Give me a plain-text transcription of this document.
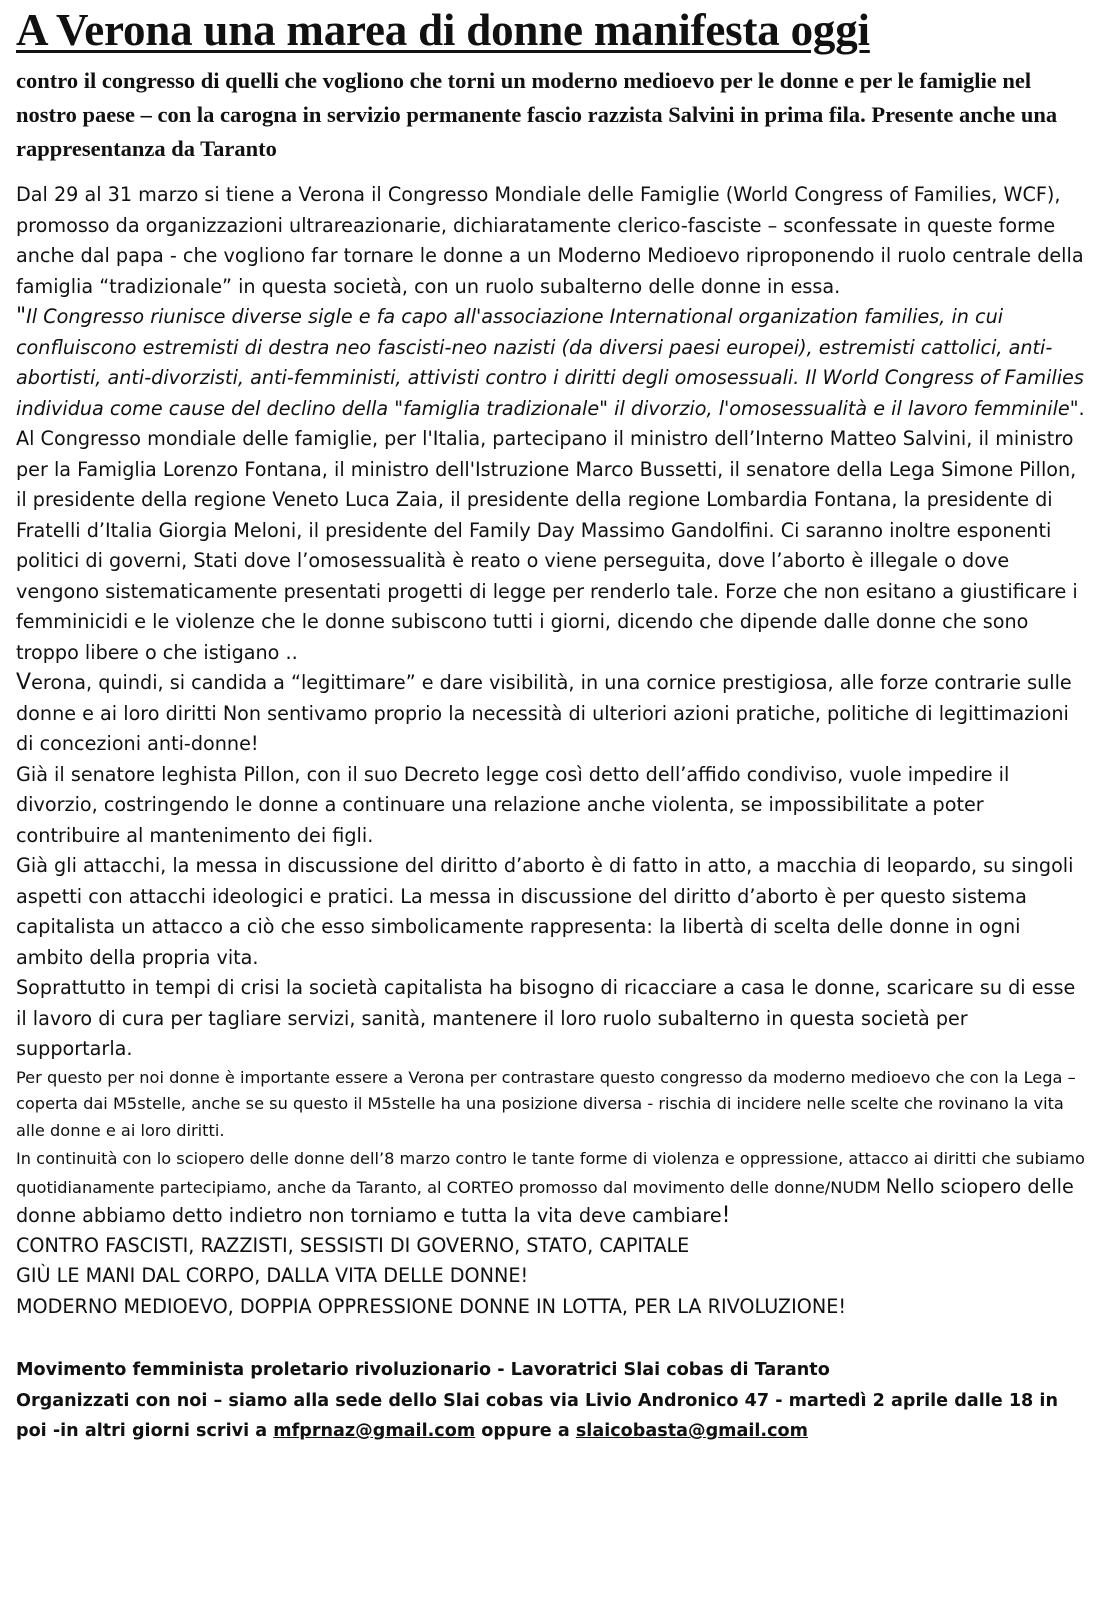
A Verona una marea di donne manifesta oggi

contro il congresso di quelli che vogliono che torni un moderno medioevo per le donne e per le famiglie nel nostro paese – con la carogna in servizio permanente fascio razzista Salvini in prima fila. Presente anche una rappresentanza da Taranto

Dal 29 al 31 marzo si tiene a Verona il Congresso Mondiale delle Famiglie (World Congress of Families, WCF), promosso da organizzazioni ultrareazionarie, dichiaratamente clerico-fasciste – sconfessate in queste forme anche dal papa - che vogliono far tornare le donne a un Moderno Medioevo riproponendo il ruolo centrale della famiglia “tradizionale” in questa società, con un ruolo subalterno delle donne in essa.

"Il Congresso riunisce diverse sigle e fa capo all'associazione International organization families, in cui confluiscono estremisti di destra neo fascisti-neo nazisti (da diversi paesi europei), estremisti cattolici, anti-abortisti, anti-divorzisti, anti-femministi, attivisti contro i diritti degli omosessuali. Il World Congress of Families individua come cause del declino della "famiglia tradizionale" il divorzio, l'omosessualità e il lavoro femminile".

Al Congresso mondiale delle famiglie, per l'Italia, partecipano il ministro dell’Interno Matteo Salvini, il ministro per la Famiglia Lorenzo Fontana, il ministro dell'Istruzione Marco Bussetti, il senatore della Lega Simone Pillon, il presidente della regione Veneto Luca Zaia, il presidente della regione Lombardia Fontana, la presidente di Fratelli d’Italia Giorgia Meloni, il presidente del Family Day Massimo Gandolfini. Ci saranno inoltre esponenti politici di governi, Stati dove l’omosessualità è reato o viene perseguita, dove l’aborto è illegale o dove vengono sistematicamente presentati progetti di legge per renderlo tale. Forze che non esitano a giustificare i femminicidi e le violenze che le donne subiscono tutti i giorni, dicendo che dipende dalle donne che sono troppo libere o che istigano ..

Verona, quindi, si candida a “legittimare” e dare visibilità, in una cornice prestigiosa, alle forze contrarie sulle donne e ai loro diritti Non sentivamo proprio la necessità di ulteriori azioni pratiche, politiche di legittimazioni di concezioni anti-donne!

Già il senatore leghista Pillon, con il suo Decreto legge così detto dell’affido condiviso, vuole impedire il divorzio, costringendo le donne a continuare una relazione anche violenta, se impossibilitate a poter contribuire al mantenimento dei figli.

Già gli attacchi, la messa in discussione del diritto d’aborto è di fatto in atto, a macchia di leopardo, su singoli aspetti con attacchi ideologici e pratici. La messa in discussione del diritto d’aborto è per questo sistema capitalista un attacco a ciò che esso simbolicamente rappresenta: la libertà di scelta delle donne in ogni ambito della propria vita.

Soprattutto in tempi di crisi la società capitalista ha bisogno di ricacciare a casa le donne, scaricare su di esse il lavoro di cura per tagliare servizi, sanità, mantenere il loro ruolo subalterno in questa società per supportarla.

Per questo per noi donne è importante essere a Verona per contrastare questo congresso da moderno medioevo che con la Lega – coperta dai M5stelle, anche se su questo il M5stelle ha una posizione diversa - rischia di incidere nelle scelte che rovinano la vita alle donne e ai loro diritti.

In continuità con lo sciopero delle donne dell’8 marzo contro le tante forme di violenza e oppressione, attacco ai diritti che subiamo quotidianamente partecipiamo, anche da Taranto, al CORTEO promosso dal movimento delle donne/NUDM Nello sciopero delle donne abbiamo detto indietro non torniamo e tutta la vita deve cambiare!

CONTRO FASCISTI, RAZZISTI, SESSISTI DI GOVERNO, STATO, CAPITALE

GIÙ LE MANI DAL CORPO, DALLA VITA DELLE DONNE!

MODERNO MEDIOEVO, DOPPIA OPPRESSIONE DONNE IN LOTTA, PER LA RIVOLUZIONE!

Movimento femminista proletario rivoluzionario - Lavoratrici Slai cobas di Taranto
Organizzati con noi – siamo alla sede dello Slai cobas via Livio Andronico 47 - martedì 2 aprile dalle 18 in poi -in altri giorni scrivi a mfprnaz@gmail.com oppure a slaicobasta@gmail.com
